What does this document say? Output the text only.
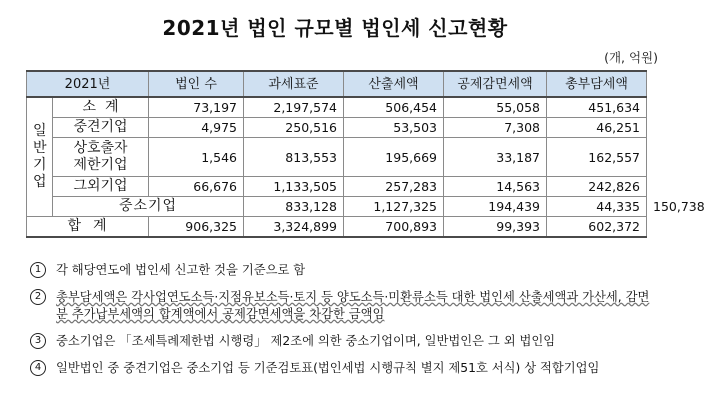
2021년 법인 규모별 법인세 신고현황
(개, 억원)
2021년		법인 수	과세표준	산출세액	공제감면세액	총부담세액	

일
반
기
업	소  계	73,197	2,197,574	506,454	55,058	451,634	
	중견기업	4,975	250,516	53,503	7,308	46,251	

	상호출자
제한기업	1,546	813,553	195,669	33,187	162,557	
	그외기업	66,676	1,133,505	257,283	14,563	242,826	
	중소기업		833,128	1,127,325	194,439	44,335	150,738
합  계		906,325	3,324,899	700,893	99,393	602,372	
1	각 해당연도에 법인세 신고한 것을 기준으로 함
2	총부담세액은 각사업연도소득·지점유보소득·토지 등 양도소득·미환류소득 대한 법인세 산출세액과 가산세, 감면분 추가납부세액의 합계액에서 공제감면세액을 차감한 금액임
3	중소기업은 「조세특례제한법 시행령」 제2조에 의한 중소기업이며, 일반법인은 그 외 법인임
4	일반법인 중 중견기업은 중소기업 등 기준검토표(법인세법 시행규칙 별지 제51호 서식) 상 적합기업임
